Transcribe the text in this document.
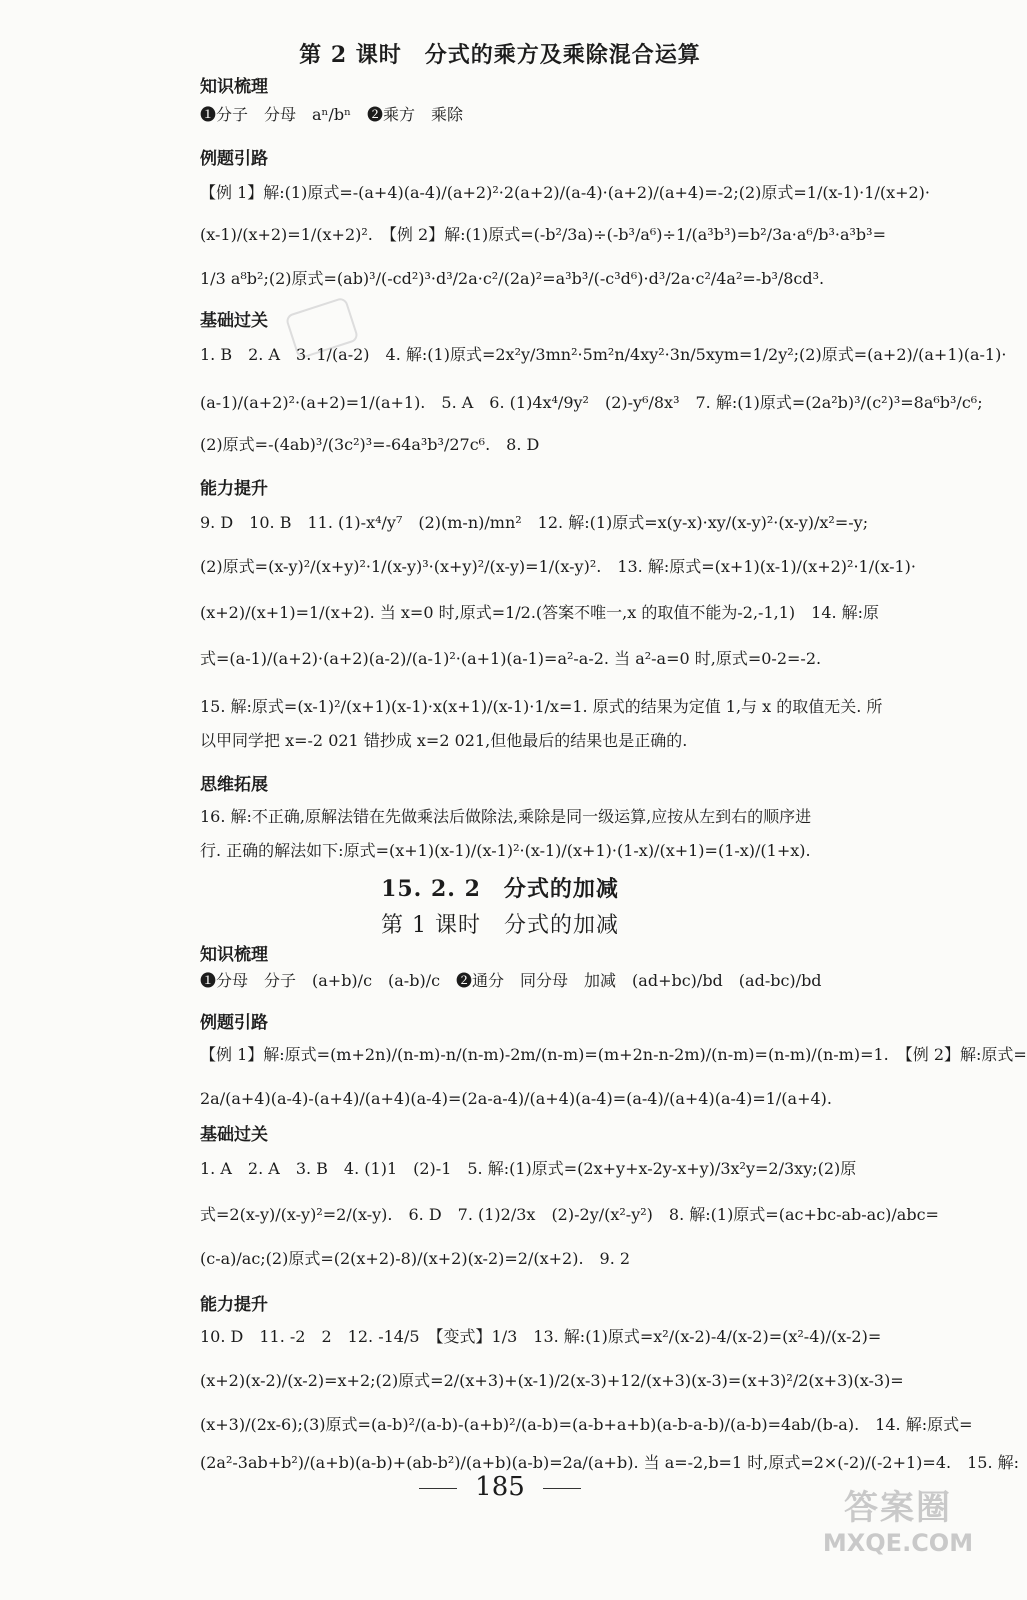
第 2 课时　分式的乘方及乘除混合运算
知识梳理
❶分子　分母　aⁿ/bⁿ　❷乘方　乘除
例题引路
【例 1】解:(1)原式=-(a+4)(a-4)/(a+2)²·2(a+2)/(a-4)·(a+2)/(a+4)=-2;(2)原式=1/(x-1)·1/(x+2)·
(x-1)/(x+2)=1/(x+2)².　【例 2】解:(1)原式=(-b²/3a)÷(-b³/a⁶)÷1/(a³b³)=b²/3a·a⁶/b³·a³b³=
1/3 a⁸b²;(2)原式=(ab)³/(-cd²)³·d³/2a·c²/(2a)²=a³b³/(-c³d⁶)·d³/2a·c²/4a²=-b³/8cd³.
基础过关
1. B　2. A　3. 1/(a-2)　4. 解:(1)原式=2x²y/3mn²·5m²n/4xy²·3n/5xym=1/2y²;(2)原式=(a+2)/(a+1)(a-1)·
(a-1)/(a+2)²·(a+2)=1/(a+1).　5. A　6. (1)4x⁴/9y²　(2)-y⁶/8x³　7. 解:(1)原式=(2a²b)³/(c²)³=8a⁶b³/c⁶;
(2)原式=-(4ab)³/(3c²)³=-64a³b³/27c⁶.　8. D
能力提升
9. D　10. B　11. (1)-x⁴/y⁷　(2)(m-n)/mn²　12. 解:(1)原式=x(y-x)·xy/(x-y)²·(x-y)/x²=-y;
(2)原式=(x-y)²/(x+y)²·1/(x-y)³·(x+y)²/(x-y)=1/(x-y)².　13. 解:原式=(x+1)(x-1)/(x+2)²·1/(x-1)·
(x+2)/(x+1)=1/(x+2). 当 x=0 时,原式=1/2.(答案不唯一,x 的取值不能为-2,-1,1)　14. 解:原
式=(a-1)/(a+2)·(a+2)(a-2)/(a-1)²·(a+1)(a-1)=a²-a-2. 当 a²-a=0 时,原式=0-2=-2.
15. 解:原式=(x-1)²/(x+1)(x-1)·x(x+1)/(x-1)·1/x=1. 原式的结果为定值 1,与 x 的取值无关. 所
以甲同学把 x=-2 021 错抄成 x=2 021,但他最后的结果也是正确的.
思维拓展
16. 解:不正确,原解法错在先做乘法后做除法,乘除是同一级运算,应按从左到右的顺序进
行. 正确的解法如下:原式=(x+1)(x-1)/(x-1)²·(x-1)/(x+1)·(1-x)/(x+1)=(1-x)/(1+x).
15. 2. 2　分式的加减
第 1 课时　分式的加减
知识梳理
❶分母　分子　(a+b)/c　(a-b)/c　❷通分　同分母　加减　(ad+bc)/bd　(ad-bc)/bd
例题引路
【例 1】解:原式=(m+2n)/(n-m)-n/(n-m)-2m/(n-m)=(m+2n-n-2m)/(n-m)=(n-m)/(n-m)=1.　【例 2】解:原式=
2a/(a+4)(a-4)-(a+4)/(a+4)(a-4)=(2a-a-4)/(a+4)(a-4)=(a-4)/(a+4)(a-4)=1/(a+4).
基础过关
1. A　2. A　3. B　4. (1)1　(2)-1　5. 解:(1)原式=(2x+y+x-2y-x+y)/3x²y=2/3xy;(2)原
式=2(x-y)/(x-y)²=2/(x-y).　6. D　7. (1)2/3x　(2)-2y/(x²-y²)　8. 解:(1)原式=(ac+bc-ab-ac)/abc=
(c-a)/ac;(2)原式=(2(x+2)-8)/(x+2)(x-2)=2/(x+2).　9. 2
能力提升
10. D　11. -2　2　12. -14/5　【变式】1/3　13. 解:(1)原式=x²/(x-2)-4/(x-2)=(x²-4)/(x-2)=
(x+2)(x-2)/(x-2)=x+2;(2)原式=2/(x+3)+(x-1)/2(x-3)+12/(x+3)(x-3)=(x+3)²/2(x+3)(x-3)=
(x+3)/(2x-6);(3)原式=(a-b)²/(a-b)-(a+b)²/(a-b)=(a-b+a+b)(a-b-a-b)/(a-b)=4ab/(b-a).　14. 解:原式=
(2a²-3ab+b²)/(a+b)(a-b)+(ab-b²)/(a+b)(a-b)=2a/(a+b). 当 a=-2,b=1 时,原式=2×(-2)/(-2+1)=4.　15. 解:
185
答案圈
MXQE.COM
